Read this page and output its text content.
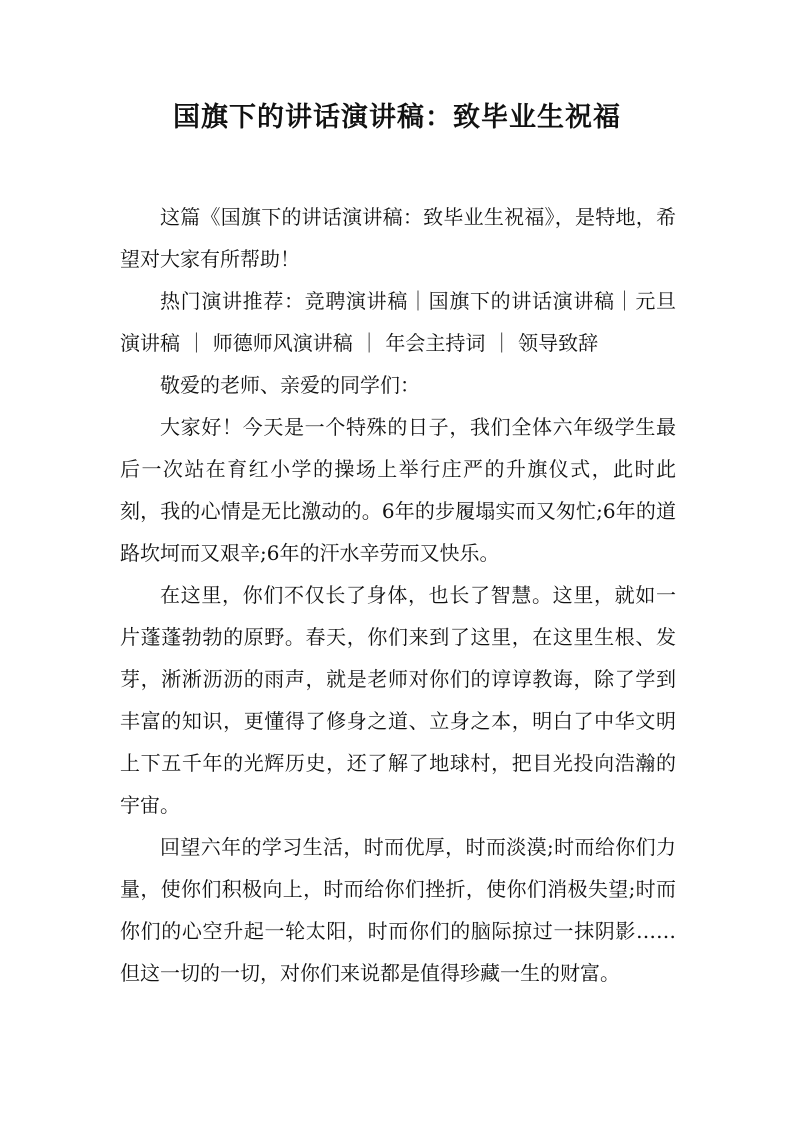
国旗下的讲话演讲稿：致毕业生祝福

这篇《国旗下的讲话演讲稿：致毕业生祝福》，是特地，希望对大家有所帮助！

热门演讲推荐：竞聘演讲稿｜国旗下的讲话演讲稿｜元旦演讲稿 ｜ 师德师风演讲稿 ｜ 年会主持词 ｜ 领导致辞

敬爱的老师、亲爱的同学们：

大家好！今天是一个特殊的日子，我们全体六年级学生最后一次站在育红小学的操场上举行庄严的升旗仪式，此时此刻，我的心情是无比激动的。6年的步履塌实而又匆忙;6年的道路坎坷而又艰辛;6年的汗水辛劳而又快乐。

在这里，你们不仅长了身体，也长了智慧。这里，就如一片蓬蓬勃勃的原野。春天，你们来到了这里，在这里生根、发芽，淅淅沥沥的雨声，就是老师对你们的谆谆教诲，除了学到丰富的知识，更懂得了修身之道、立身之本，明白了中华文明上下五千年的光辉历史，还了解了地球村，把目光投向浩瀚的宇宙。

回望六年的学习生活，时而优厚，时而淡漠;时而给你们力量，使你们积极向上，时而给你们挫折，使你们消极失望;时而你们的心空升起一轮太阳，时而你们的脑际掠过一抹阴影……但这一切的一切，对你们来说都是值得珍藏一生的财富。
